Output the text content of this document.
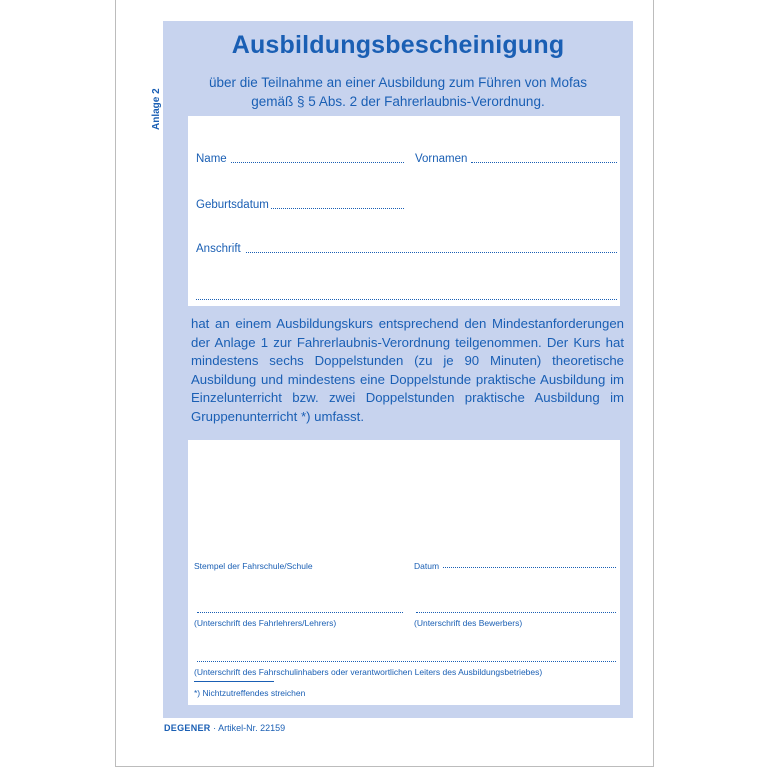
Anlage 2
Ausbildungsbescheinigung
über die Teilnahme an einer Ausbildung zum Führen von Mofas
gemäß § 5 Abs. 2 der Fahrerlaubnis-Verordnung.
Name	Vornamen
Geburtsdatum
Anschrift
hat an einem Ausbildungskurs entsprechend den Mindestanforderungen der Anlage 1 zur Fahrerlaubnis-Verordnung teilgenommen. Der Kurs hat mindestens sechs Doppelstunden (zu je 90 Minuten) theoretische Ausbildung und mindestens eine Doppelstunde praktische Ausbildung im Einzelunterricht bzw. zwei Doppelstunden praktische Ausbildung im Gruppenunterricht *) umfasst.
Stempel der Fahrschule/Schule	Datum
(Unterschrift des Fahrlehrers/Lehrers)	(Unterschrift des Bewerbers)
(Unterschrift des Fahrschulinhabers oder verantwortlichen Leiters des Ausbildungsbetriebes)
*) Nichtzutreffendes streichen
DEGENER · Artikel-Nr. 22159
